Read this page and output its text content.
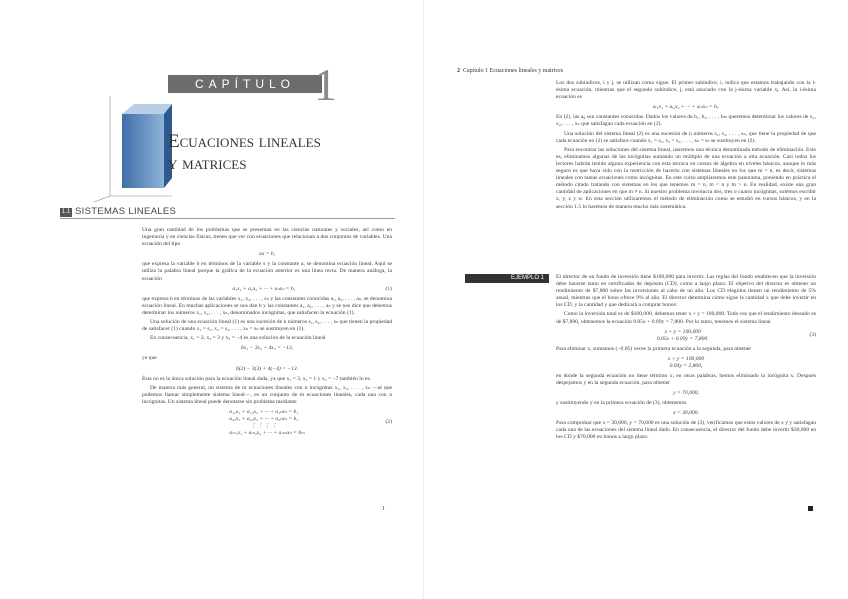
CAPÍTULO 1
Ecuaciones lineales
y matrices
1.1 SISTEMAS LINEALES

Una gran cantidad de los problemas que se presentan en las ciencias naturales y sociales, así como en ingeniería y en ciencias físicas, tienen que ver con ecuaciones que relacionan a dos conjuntos de variables. Una ecuación del tipo

ax = b,

que expresa la variable b en términos de la variable x y la constante a, se denomina ecuación lineal. Aquí se utiliza la palabra lineal porque la gráfica de la ecuación anterior es una línea recta. De manera análoga, la ecuación

a₁x₁ + a₂x₂ + ··· + aₙxₙ = b,	(1)

que expresa b en términos de las variables x₁, x₂, . . . , xₙ y las constantes conocidas a₁, a₂, . . . , aₙ, se denomina ecuación lineal. En muchas aplicaciones se nos dan b y las constantes a₁, a₂, . . . , aₙ y se nos dice que debemos determinar los números x₁, x₂, . . . , xₙ, denominados incógnitas, que satisfacen la ecuación (1).

Una solución de una ecuación lineal (1) es una sucesión de n números s₁, s₂, . . . , sₙ que tienen la propiedad de satisfacer (1) cuando x₁ = s₁, x₂ = s₂, . . . , xₙ = sₙ se sustituyen en (1).

En consecuencia, x₁ = 2, x₂ = 3 y x₃ = −4 es una solución de la ecuación lineal

6x₁ − 3x₂ + 4x₃ = −13,

ya que

6(2) − 3(3) + 4(−4) = −13.

Ésta no es la única solución para la ecuación lineal dada, ya que x₁ = 3, x₂ = 1 y x₃ = −7 también lo es.

De manera más general, un sistema de m ecuaciones lineales con n incógnitas x₁, x₂, . . . , xₙ —al que podemos llamar simplemente sistema lineal—, es un conjunto de m ecuaciones lineales, cada una con n incógnitas. Un sistema lineal puede denotarse sin problema mediante

(2)
a₁₁x₁ + a₁₂x₂ + ··· + a₁ₙxₙ = b₁
a₂₁x₁ + a₂₂x₂ + ··· + a₂ₙxₙ = b₂
⋮ ⋮ ⋮ ⋮
aₘ₁x₁ + aₘ₂x₂ + ··· + aₘₙxₙ = bₘ
1
2 Capítulo 1 Ecuaciones lineales y matrices

Los dos subíndices, i y j, se utilizan como sigue. El primer subíndice, i, indica que estamos trabajando con la i-ésima ecuación, mientras que el segundo subíndice, j, está asociado con la j-ésima variable xⱼ. Así, la i-ésima ecuación es

aᵢ₁x₁ + aᵢ₂x₂ + ··· + aᵢₙxₙ = bᵢ.

En (2), las aᵢⱼ son constantes conocidas. Dados los valores de b₁, b₂, . . . , bₘ queremos determinar los valores de x₁, x₂, . . . , xₙ que satisfagan cada ecuación en (2).

Una solución del sistema lineal (2) es una sucesión de n números s₁, s₂, . . . , sₙ, que tiene la propiedad de que cada ecuación en (2) se satisface cuando x₁ = s₁, x₂ = s₂, . . . , xₙ = sₙ se sustituyen en (2).

Para encontrar las soluciones del sistema lineal, usaremos una técnica denominada método de eliminación. Esto es, eliminamos algunas de las incógnitas sumando un múltiplo de una ecuación a otra ecuación. Casi todos los lectores habrán tenido alguna experiencia con esta técnica en cursos de álgebra en niveles básicos, aunque lo más seguro es que haya sido con la restricción de hacerlo con sistemas lineales en los que m = n, es decir, sistemas lineales con tantas ecuaciones como incógnitas. En este curso ampliaremos este panorama, poniendo en práctica el método citado tratando con sistemas en los que tenemos m = n, m < n y m > n. En realidad, existe una gran cantidad de aplicaciones en que m ≠ n. Si nuestro problema involucra dos, tres o cuatro incógnitas, solemos escribir x, y, z y w. En esta sección utilizaremos el método de eliminación como se estudió en cursos básicos, y en la sección 1.5 lo haremos de manera mucho más sistemática.

EJEMPLO 1	El director de un fondo de inversión tiene $100,000 para invertir. Las reglas del fondo establecen que la inversión debe hacerse tanto en certificados de depósito (CD), como a largo plazo. El objetivo del director es obtener un rendimiento de $7,800 sobre las inversiones al cabo de un año. Los CD elegidos tienen un rendimiento de 5% anual, mientras que el bono ofrece 9% al año. El director determina cómo sigue la cantidad x que debe invertir en los CD, y la cantidad y que dedicará a comprar bonos:

Como la inversión total es de $100,000, debemos tener x + y = 100,000. Toda vez que el rendimiento deseado es de $7,800, obtenemos la ecuación 0.05x + 0.09y = 7,800. Por lo tanto, tenemos el sistema lineal

(3)
x + y = 100,000
0.05x + 0.09y = 7,800.

Para eliminar x, sumamos (−0.05) veces la primera ecuación a la segunda, para obtener

x + y = 100,000
0.04y = 2,800,

en donde la segunda ecuación no tiene término x; en otras palabras, hemos eliminado la incógnita x. Después despejamos y en la segunda ecuación, para obtener

y = 70,000,

y sustituyendo y en la primera ecuación de (3), obtenemos

x = 30,000.

Para comprobar que x = 30,000, y = 70,000 es una solución de (3), verificamos que estos valores de x y y satisfagan cada una de las ecuaciones del sistema lineal dado. En consecuencia, el director del fondo debe invertir $30,000 en los CD y $70,000 en bonos a largo plazo.
